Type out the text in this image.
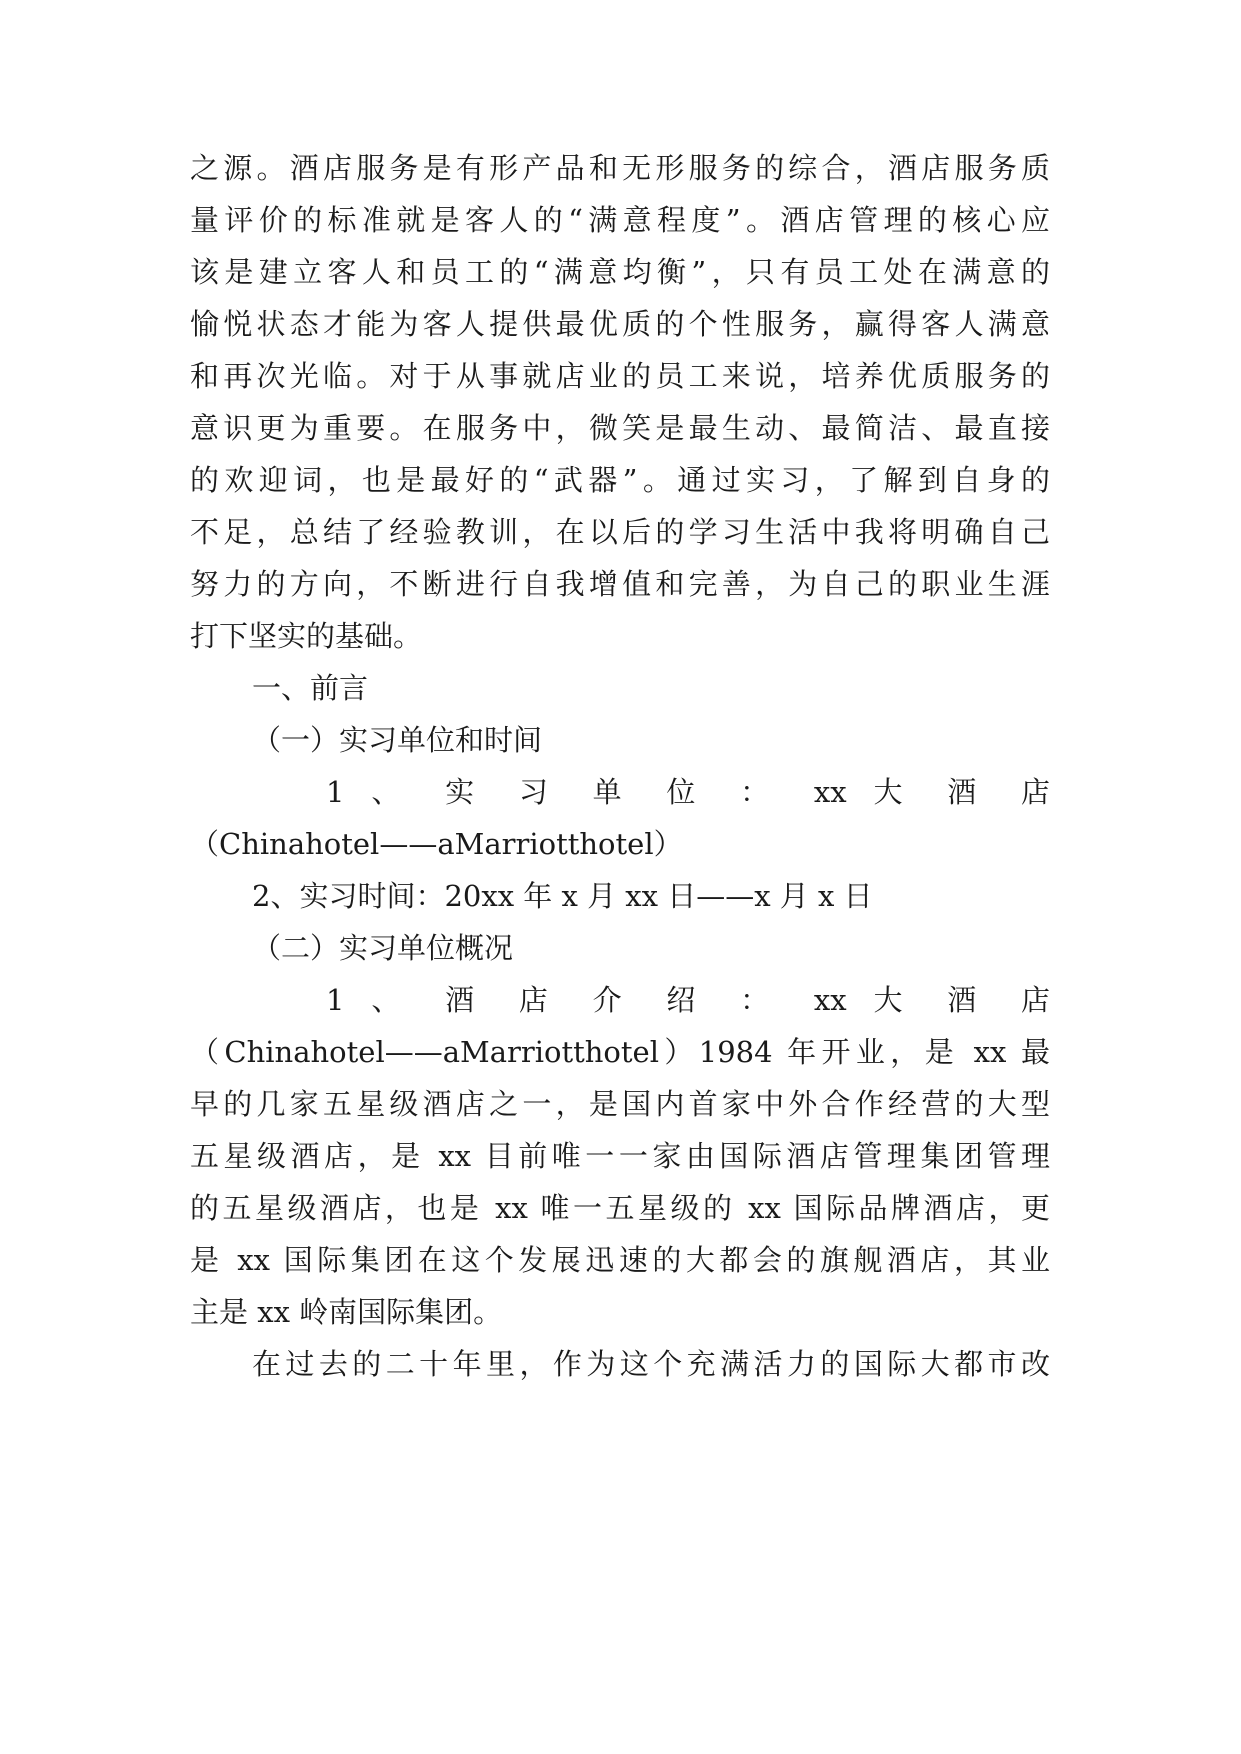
之源。酒店服务是有形产品和无形服务的综合，酒店服务质

量评价的标准就是客人的“满意程度”。酒店管理的核心应

该是建立客人和员工的“满意均衡”，只有员工处在满意的

愉悦状态才能为客人提供最优质的个性服务，赢得客人满意

和再次光临。对于从事就店业的员工来说，培养优质服务的

意识更为重要。在服务中，微笑是最生动、最简洁、最直接

的欢迎词，也是最好的“武器”。通过实习，了解到自身的

不足，总结了经验教训，在以后的学习生活中我将明确自己

努力的方向，不断进行自我增值和完善，为自己的职业生涯

打下坚实的基础。

一、前言

（一）实习单位和时间

1 、 实 习 单 位 ： xx 大 酒 店

（Chinahotel——aMarriotthotel）

2、实习时间：20xx 年 x 月 xx 日——x 月 x 日

（二）实习单位概况

1 、 酒 店 介 绍 ： xx 大 酒 店

（Chinahotel——aMarriotthotel）1984 年开业，是 xx 最

早的几家五星级酒店之一，是国内首家中外合作经营的大型

五星级酒店，是 xx 目前唯一一家由国际酒店管理集团管理

的五星级酒店，也是 xx 唯一五星级的 xx 国际品牌酒店，更

是 xx 国际集团在这个发展迅速的大都会的旗舰酒店，其业

主是 xx 岭南国际集团。

在过去的二十年里，作为这个充满活力的国际大都市改
